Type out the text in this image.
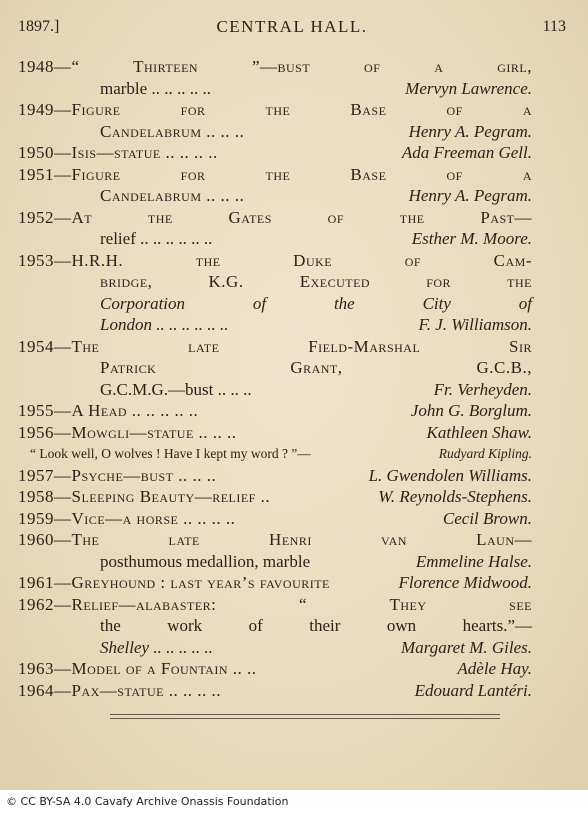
1897.]	CENTRAL HALL.	113
1948—“ Thirteen ”—bust of a girl,
marble .. .. .. .. ..	Mervyn Lawrence.
1949—Figure for the Base of a
Candelabrum .. .. ..	Henry A. Pegram.
1950—Isis—statue .. .. .. ..	Ada Freeman Gell.
1951—Figure for the Base of a
Candelabrum .. .. ..	Henry A. Pegram.
1952—At the Gates of the Past—
relief .. .. .. .. .. ..	Esther M. Moore.
1953—H.R.H. the Duke of Cam-
bridge, K.G. Executed for the
Corporation of the City of
London .. .. .. .. .. ..	F. J. Williamson.
1954—The late Field-Marshal Sir
Patrick Grant, G.C.B.,
G.C.M.G.—bust .. .. ..	Fr. Verheyden.
1955—A Head .. .. .. .. ..	John G. Borglum.
1956—Mowgli—statue .. .. ..	Kathleen Shaw.
“ Look well, O wolves ! Have I kept my word ? ”—	Rudyard Kipling.
1957—Psyche—bust .. .. ..	L. Gwendolen Williams.
1958—Sleeping Beauty—relief ..	W. Reynolds-Stephens.
1959—Vice—a horse .. .. .. ..	Cecil Brown.
1960—The late Henri van Laun—
posthumous medallion, marble	Emmeline Halse.
1961—Greyhound : last year’s favourite	Florence Midwood.
1962—Relief—alabaster: “ They see
the work of their own hearts.”—
Shelley .. .. .. .. ..	Margaret M. Giles.
1963—Model of a Fountain .. ..	Adèle Hay.
1964—Pax—statue .. .. .. ..	Edouard Lantéri.
© CC BY-SA 4.0 Cavafy Archive Onassis Foundation
